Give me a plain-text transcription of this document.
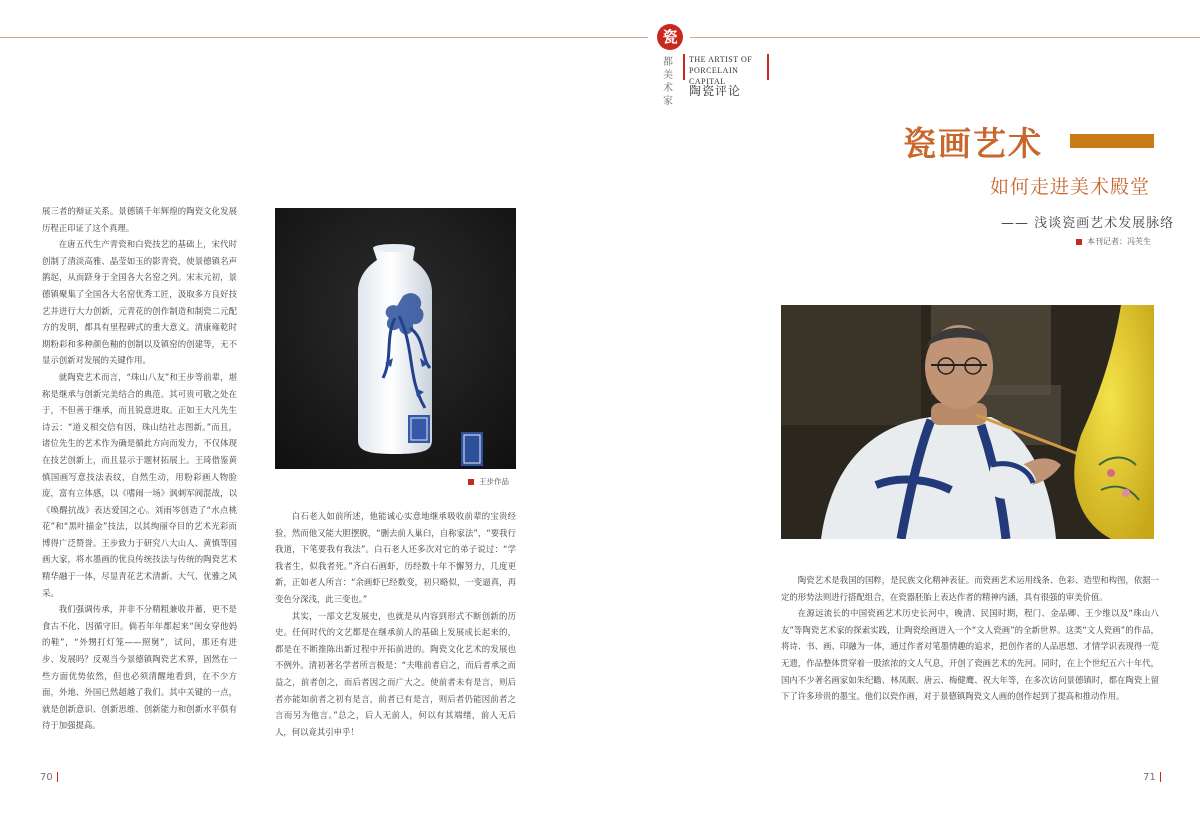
瓷
都
美
术
家
THE ARTIST OF
PORCELAIN CAPITAL
陶瓷评论

展三者的辩证关系。景德镇千年辉煌的陶瓷文化发展历程正印证了这个真理。

在唐五代生产青瓷和白瓷技艺的基础上，宋代时创制了清淡高雅、晶莹如玉的影青瓷，使景德镇名声鹊起，从而跻身于全国各大名窑之列。宋末元初，景德镇聚集了全国各大名窑优秀工匠，汲取多方良好技艺并进行大力创新，元青花的创作制造和制瓷二元配方的发明，都具有里程碑式的重大意义。清康雍乾时期粉彩和多种颜色釉的创制以及镇窑的创建等，无不显示创新对发展的关键作用。

就陶瓷艺术而言，“珠山八友”和王步等前辈，堪称是继承与创新完美结合的典范。其可贵可敬之处在于，不但善于继承，而且锐意进取。正如王大凡先生诗云：“道义相交信有因，珠山结社志图新。”而且，诸位先生的艺术作为确是循此方向而发力，不仅体现在技艺创新上，而且显示于题材拓展上。王琦借鉴黄慎国画写意技法表纹，自然生动，用粉彩画人物脸庞，富有立体感，以《嗜闹一场》讽刺军阀混战，以《唤醒抗战》表达爱国之心。刘雨岑创造了“水点桃花”和“黑叶描金”技法，以其绚丽夺目的艺术光彩而博得广泛赞誉。王步致力于研究八大山人、黄慎等国画大家，将水墨画的优良传统技法与传统的陶瓷艺术精华融于一体，尽显青花艺术清新、大气、优雅之风采。

我们强调传承，并非不分精粗兼收并蓄，更不是食古不化、因循守旧。倘若年年都起来“闺女穿他妈的鞋”，“外甥打灯笼——照舅”，试问，那还有进步、发展吗？反观当今景德镇陶瓷艺术界，固然在一些方面优势依然，但也必须清醒地看到，在不少方面，外地、外国已然超越了我们。其中关键的一点，就是创新意识、创新思维、创新能力和创新水平俱有待于加强提高。

王步作品

白石老人如前所述，他能诚心实意地继承吸收前辈的宝贵经验，然而他又能大胆摆脱，“删去前人巢臼，自称家法”，“要我行我道，下笔要我有我法”。白石老人还多次对它的弟子说过：“学我者生，似我者死。”齐白石画虾，历经数十年不懈努力，几度更新，正如老人所言：“余画虾已经数变，初只略似，一变逼真，再变色分深浅，此三变也。”

其实，一部文艺发展史，也就是从内容到形式不断创新的历史。任何时代的文艺都是在继承前人的基础上发展成长起来的，都是在不断推陈出新过程中开拓前进的。陶瓷文化艺术的发展也不例外。清初著名学者所言极是：“夫唯前者启之，而后者承之而益之，前者创之，而后者因之而广大之。使前者未有是言，则后者亦能如前者之初有是言，前者已有是言，则后者仍能因前者之言而另为他言。”总之，后人无前人，何以有其端绪，前人无后人，何以竟其引申乎！

瓷画艺术
如何走进美术殿堂
—— 浅谈瓷画艺术发展脉络
本刊记者：冯芙生

陶瓷艺术是我国的国粹，是民族文化精神表征。而瓷画艺术运用线条、色彩、造型和构图，依据一定的形势法则进行搭配组合，在瓷器胚胎上表达作者的精神内涵，具有很强的审美价值。

在源远流长的中国瓷画艺术历史长河中，晚清、民国时期，程门、金品卿、王少维以及“珠山八友”等陶瓷艺术家的探索实践，让陶瓷绘画进入一个“文人瓷画”的全新世界。这类“文人瓷画”的作品，将诗、书、画、印融为一体，通过作者对笔墨情趣的追求，把创作者的人品思想、才情学识表现得一览无遗，作品整体贯穿着一股浓浓的文人气息，开创了瓷画艺术的先河。同时，在上个世纪五六十年代，国内不少著名画家如朱纪瞻、林凤眠、唐云、梅健鹰、祝大年等，在多次访问景德镇时，都在陶瓷上留下了许多珍贵的墨宝。他们以瓷作画，对于景德镇陶瓷文人画的创作起到了提高和推动作用。

70	71
